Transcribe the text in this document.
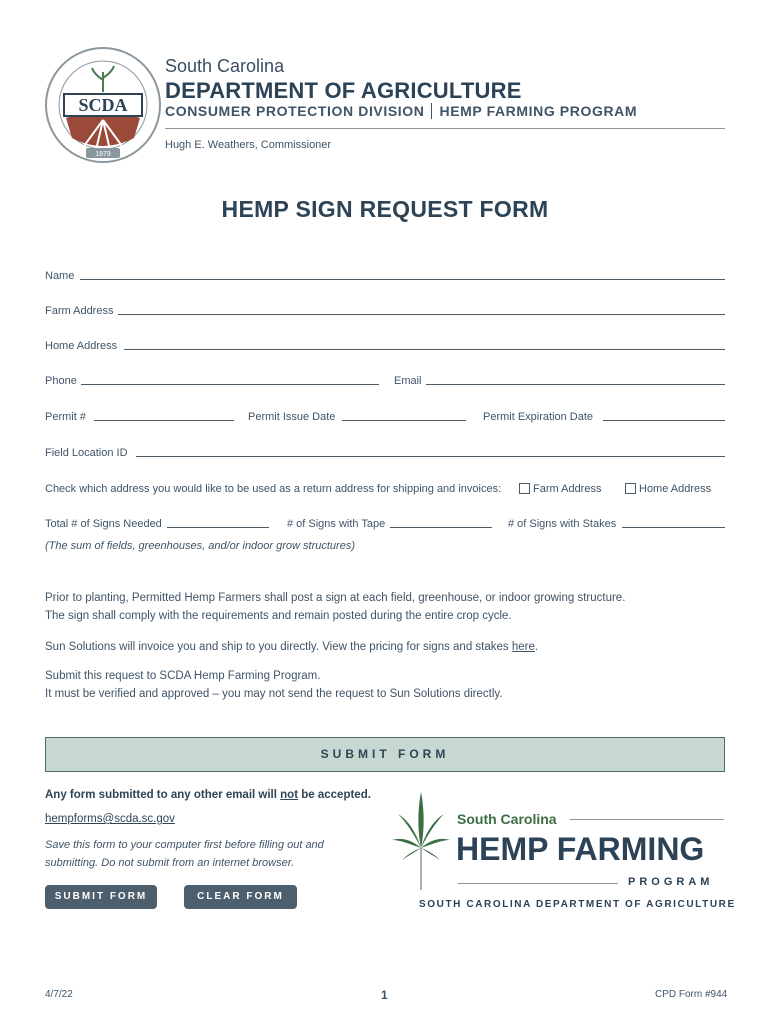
SCDA
1879
South Carolina
DEPARTMENT OF AGRICULTURE
CONSUMER PROTECTION DIVISION HEMP FARMING PROGRAM
Hugh E. Weathers, Commissioner
HEMP SIGN REQUEST FORM
Name
Farm Address
Home Address
Phone	Email
Permit #	Permit Issue Date	Permit Expiration Date
Field Location ID
Check which address you would like to be used as a return address for shipping and invoices:	Farm Address	Home Address
Total # of Signs Needed	# of Signs with Tape	# of Signs with Stakes
(The sum of fields, greenhouses, and/or indoor grow structures)
Prior to planting, Permitted Hemp Farmers shall post a sign at each field, greenhouse, or indoor growing structure.
The sign shall comply with the requirements and remain posted during the entire crop cycle.
Sun Solutions will invoice you and ship to you directly. View the pricing for signs and stakes here.
Submit this request to SCDA Hemp Farming Program.
It must be verified and approved – you may not send the request to Sun Solutions directly.
SUBMIT FORM
Any form submitted to any other email will not be accepted.
hempforms@scda.sc.gov
Save this form to your computer first before filling out and
submitting. Do not submit from an internet browser.
SUBMIT FORM	CLEAR FORM
South Carolina
HEMP FARMING
PROGRAM
SOUTH CAROLINA DEPARTMENT OF AGRICULTURE
4/7/22	1	CPD Form #944
